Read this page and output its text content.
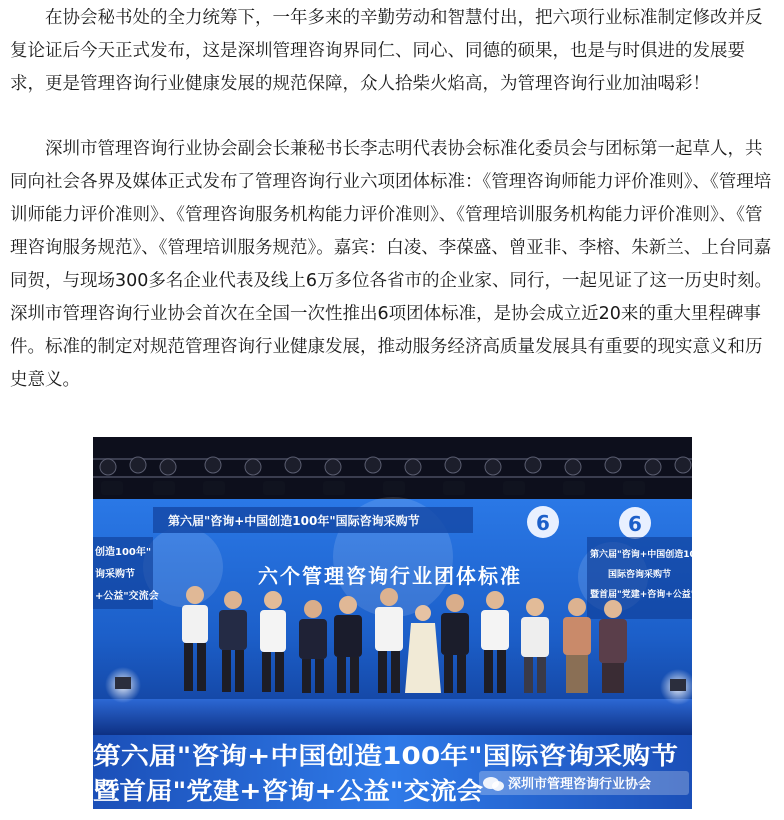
在协会秘书处的全力统筹下，一年多来的辛勤劳动和智慧付出，把六项行业标准制定修改并反复论证后今天正式发布，这是深圳管理咨询界同仁、同心、同德的硕果，也是与时俱进的发展要求，更是管理咨询行业健康发展的规范保障，众人拾柴火焰高，为管理咨询行业加油喝彩！

深圳市管理咨询行业协会副会长兼秘书长李志明代表协会标准化委员会与团标第一起草人，共同向社会各界及媒体正式发布了管理咨询行业六项团体标准：《管理咨询师能力评价准则》、《管理培训师能力评价准则》、《管理咨询服务机构能力评价准则》、《管理培训服务机构能力评价准则》、《管理咨询服务规范》、《管理培训服务规范》。嘉宾：白凌、李葆盛、曾亚非、李榕、朱新兰、上台同嘉同贺，与现场300多名企业代表及线上6万多位各省市的企业家、同行，一起见证了这一历史时刻。深圳市管理咨询行业协会首次在全国一次性推出6项团体标准，是协会成立近20来的重大里程碑事件。标准的制定对规范管理咨询行业健康发展，推动服务经济高质量发展具有重要的现实意义和历史意义。

第六届"咨询+中国创造100年"国际咨询采购节	6	6
创造100年"
询采购节
+公益"交流会
第六届"咨询+中国创造100年
国际咨询采购节
暨首届"党建+咨询+公益"交流
六个管理咨询行业团体标准
第六届"咨询+中国创造100年"国际咨询采购节
暨首届"党建+咨询+公益"交流会 深圳市管理咨询行业协会
